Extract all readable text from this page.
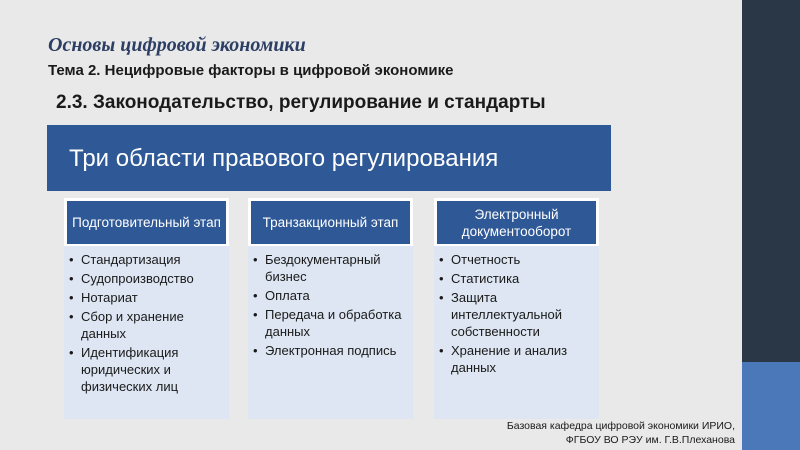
Основы цифровой экономики
Тема 2. Нецифровые факторы в цифровой экономике
2.3. Законодательство, регулирование и стандарты
Три области правового регулирования
Подготовительный этап
• Стандартизация
• Судопроизводство
• Нотариат
• Сбор и хранение данных
• Идентификация юридических и физических лиц
Транзакционный этап
• Бездокументарный бизнес
• Оплата
• Передача и обработка данных
• Электронная подпись
Электронный документооборот
• Отчетность
• Статистика
• Защита интеллектуальной собственности
• Хранение и анализ данных
Базовая кафедра цифровой экономики ИРИО,
ФГБОУ ВО РЭУ им. Г.В.Плеханова
